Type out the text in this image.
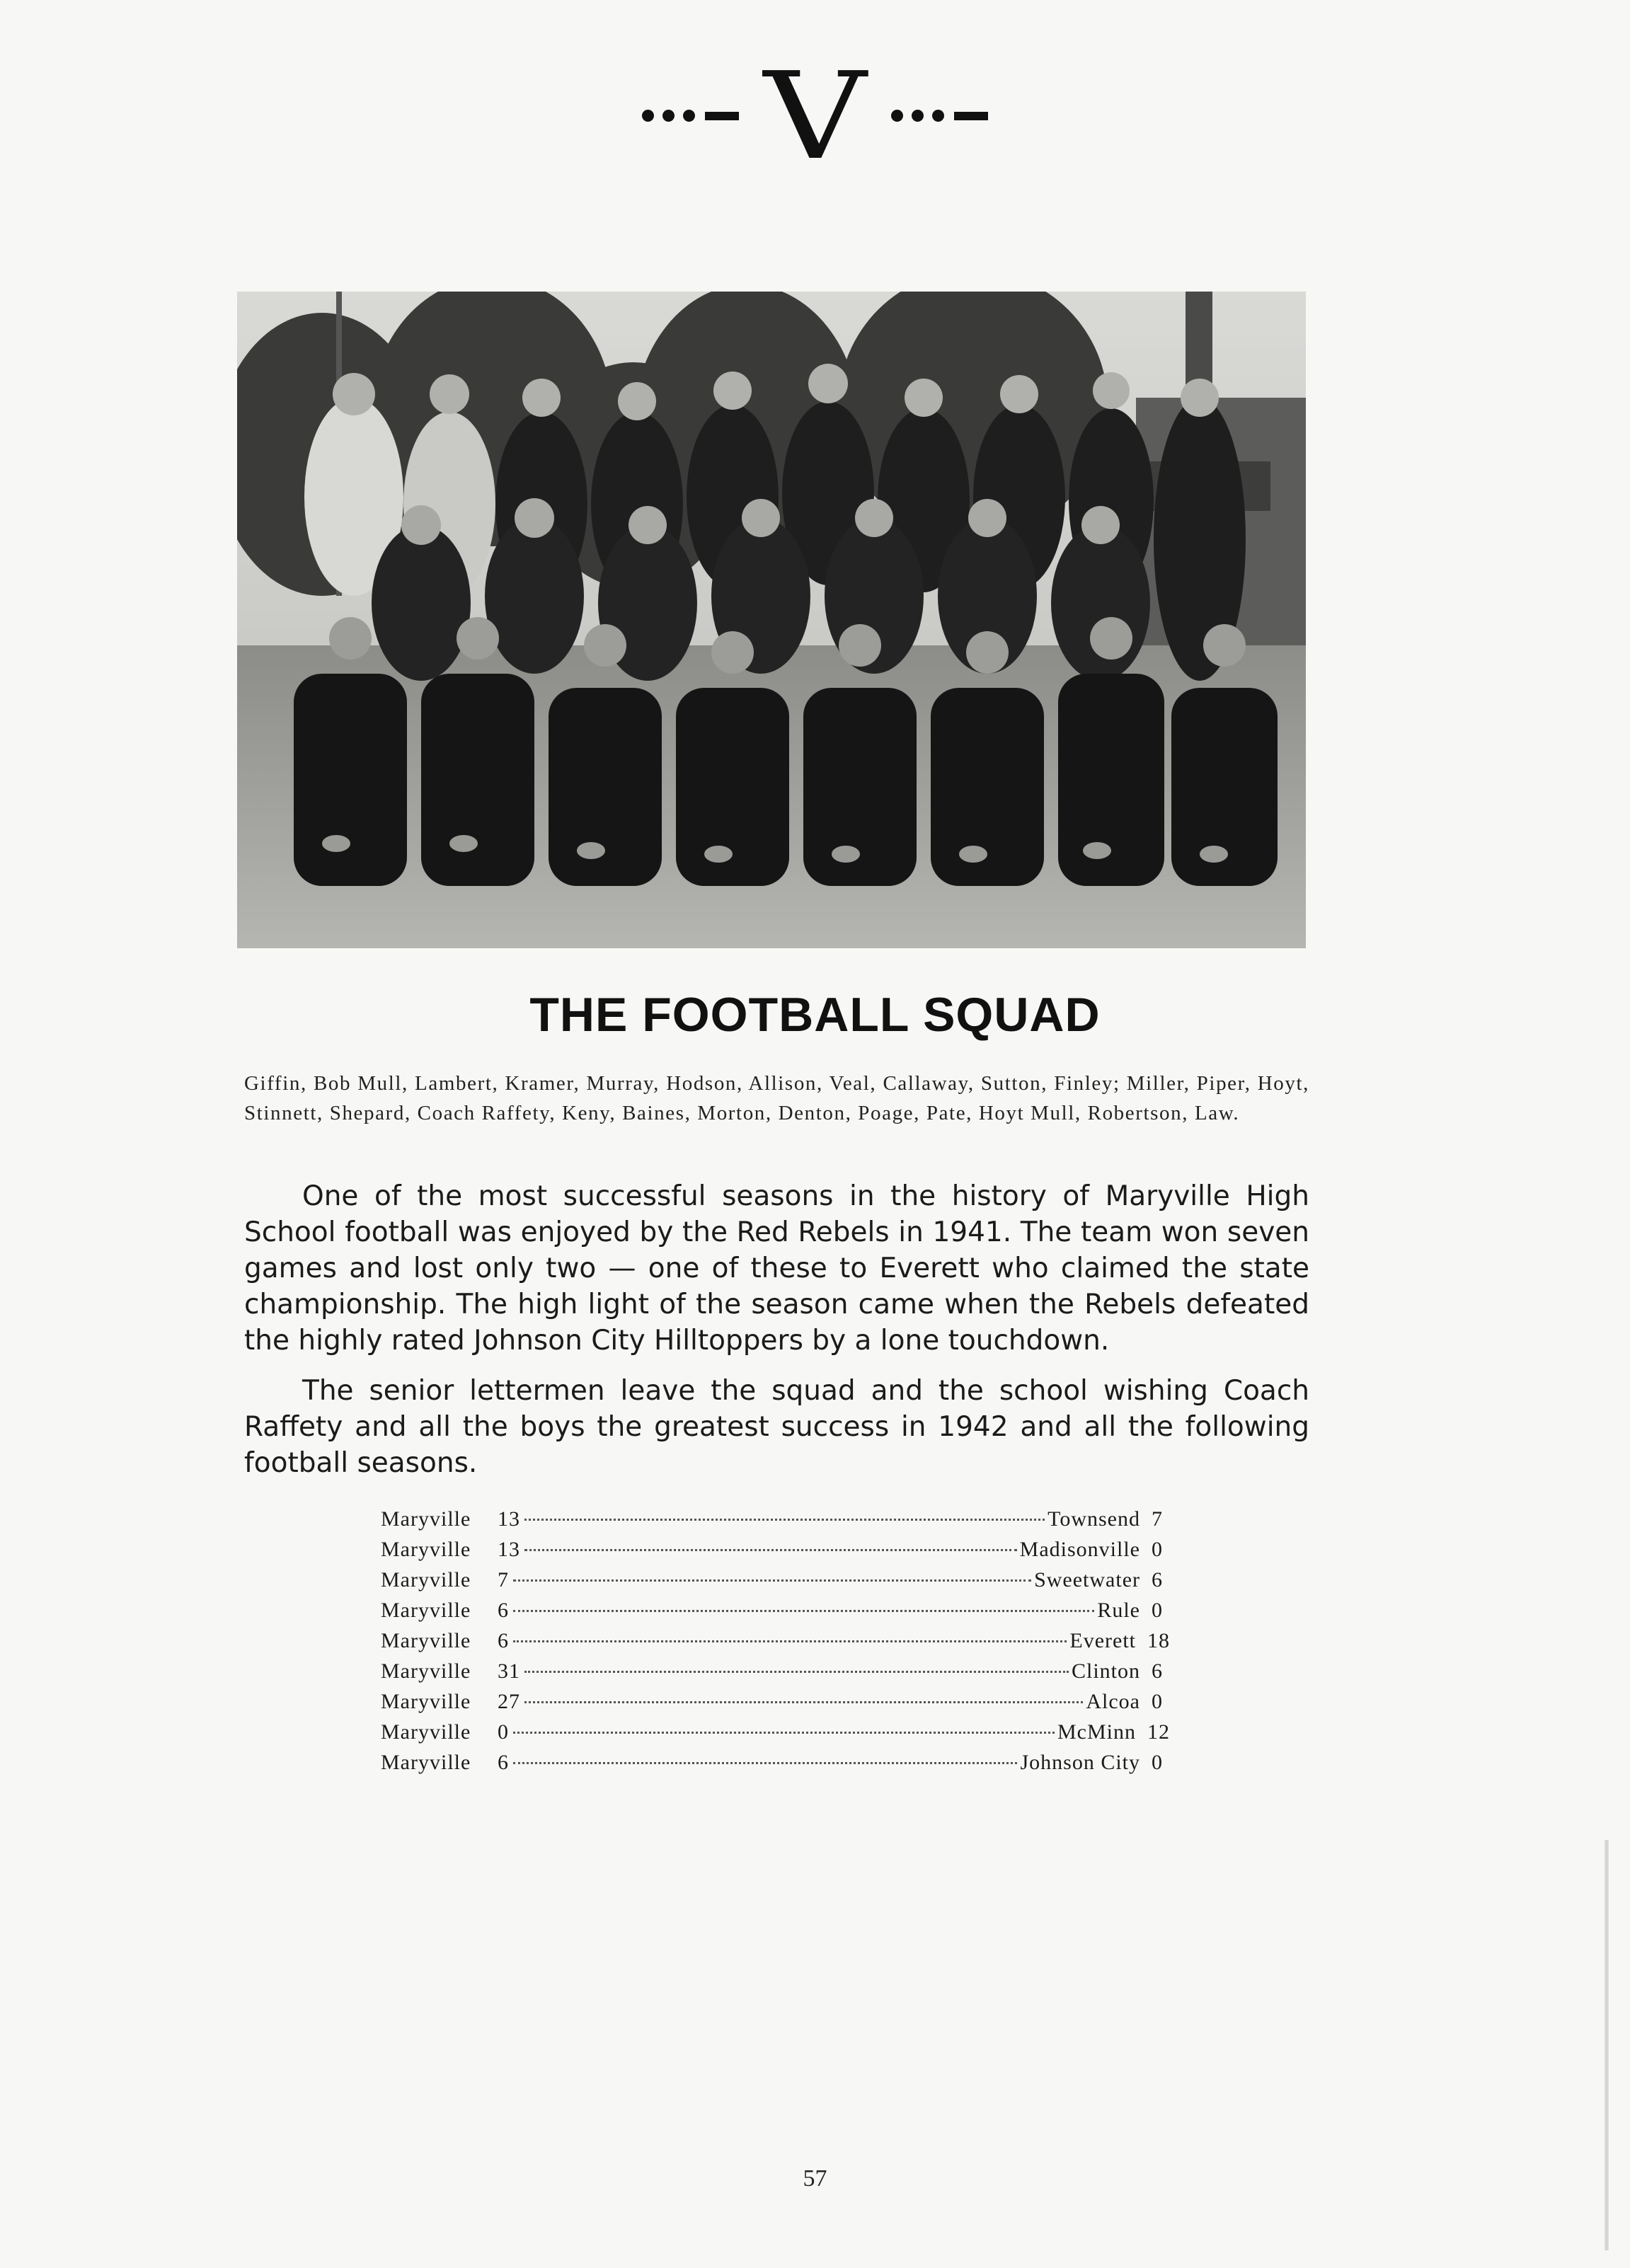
V
THE FOOTBALL SQUAD
Giffin, Bob Mull, Lambert, Kramer, Murray, Hodson, Allison, Veal, Callaway, Sutton, Finley; Miller, Piper, Hoyt, Stinnett, Shepard, Coach Raffety, Keny, Baines, Morton, Denton, Poage, Pate, Hoyt Mull, Robertson, Law.

One of the most successful seasons in the history of Maryville High School football was enjoyed by the Red Rebels in 1941. The team won seven games and lost only two — one of these to Everett who claimed the state championship. The high light of the season came when the Rebels defeated the highly rated Johnson City Hilltoppers by a lone touchdown.

The senior lettermen leave the squad and the school wishing Coach Raffety and all the boys the greatest success in 1942 and all the following football seasons.

Maryville	13	Townsend 7
Maryville	13	Madisonville 0
Maryville	7	Sweetwater 6
Maryville	6	Rule 0
Maryville	6	Everett 18
Maryville	31	Clinton 6
Maryville	27	Alcoa 0
Maryville	0	McMinn 12
Maryville	6	Johnson City 0
57
